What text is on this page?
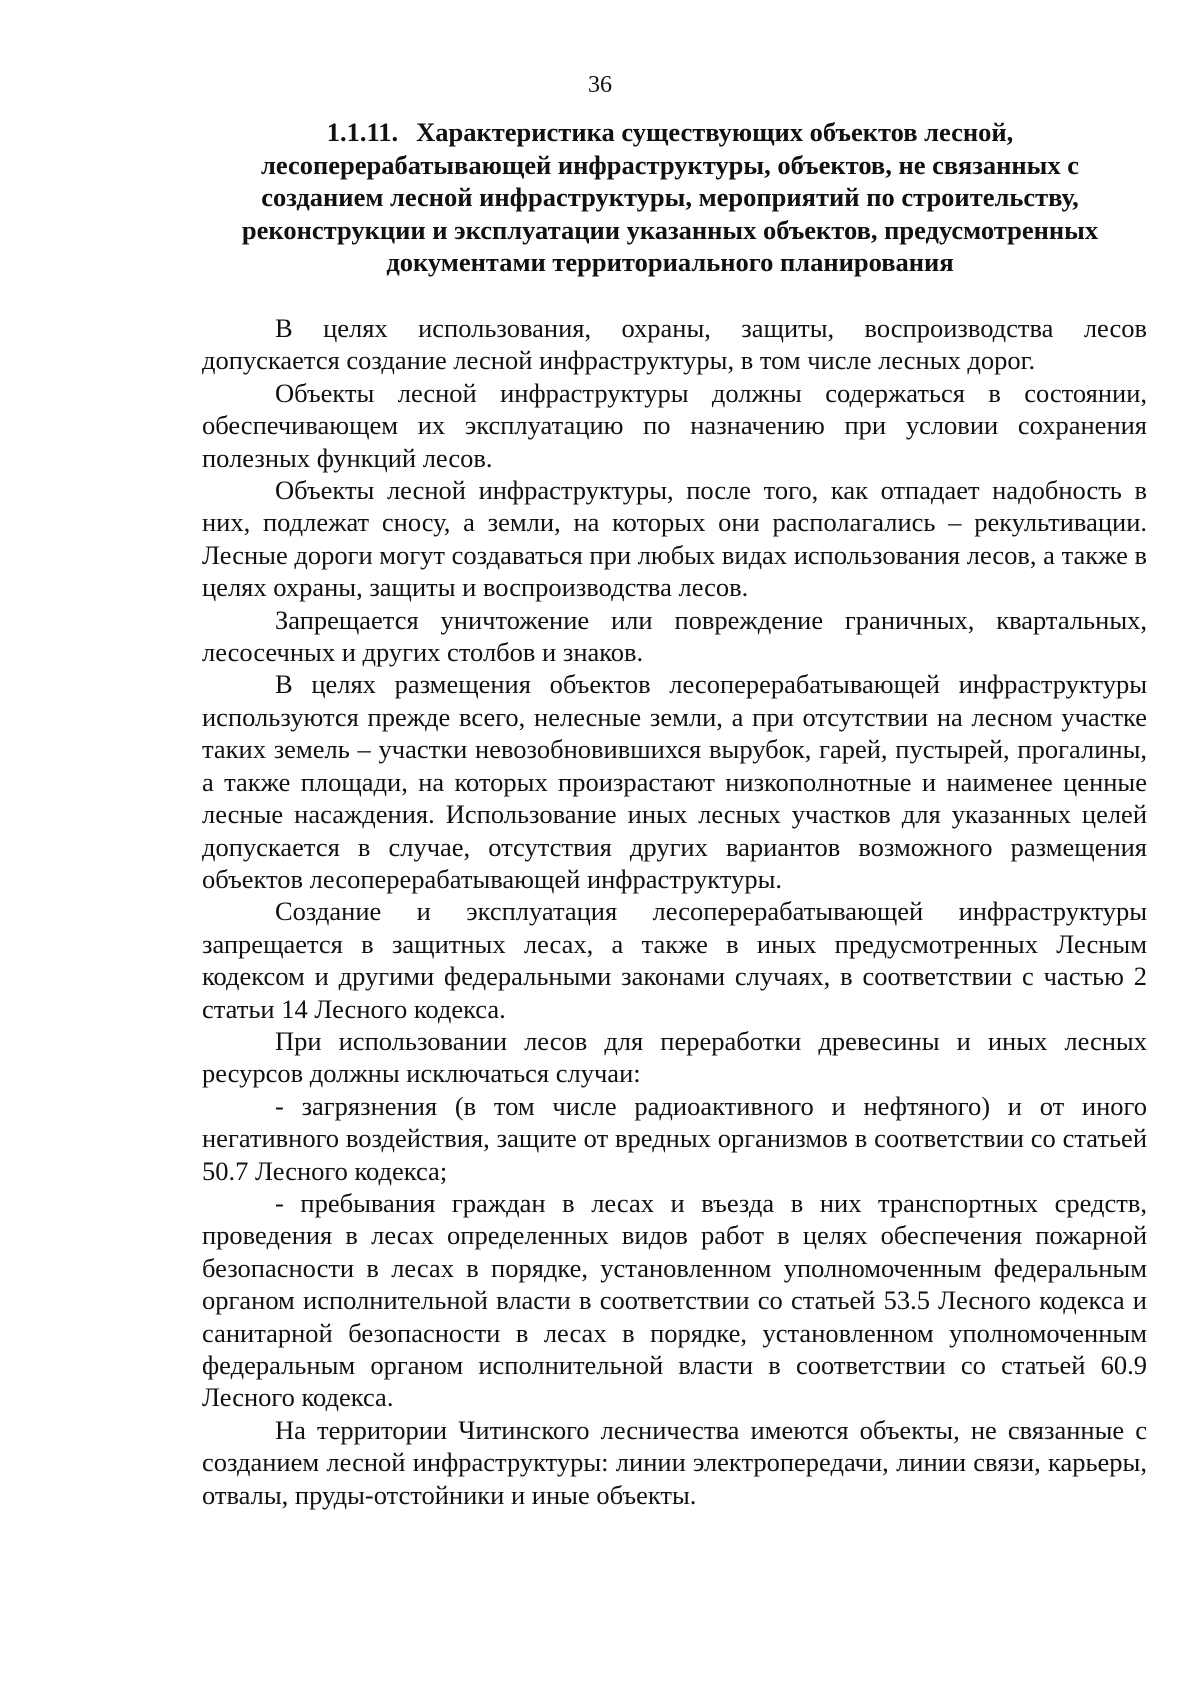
36
1.1.11. Характеристика существующих объектов лесной, лесоперерабатывающей инфраструктуры, объектов, не связанных с созданием лесной инфраструктуры, мероприятий по строительству, реконструкции и эксплуатации указанных объектов, предусмотренных документами территориального планирования

В целях использования, охраны, защиты, воспроизводства лесов допускается создание лесной инфраструктуры, в том числе лесных дорог.

Объекты лесной инфраструктуры должны содержаться в состоянии, обеспечивающем их эксплуатацию по назначению при условии сохранения полезных функций лесов.

Объекты лесной инфраструктуры, после того, как отпадает надобность в них, подлежат сносу, а земли, на которых они располагались – рекультивации. Лесные дороги могут создаваться при любых видах использования лесов, а также в целях охраны, защиты и воспроизводства лесов.

Запрещается уничтожение или повреждение граничных, квартальных, лесосечных и других столбов и знаков.

В целях размещения объектов лесоперерабатывающей инфраструктуры используются прежде всего, нелесные земли, а при отсутствии на лесном участке таких земель – участки невозобновившихся вырубок, гарей, пустырей, прогалины, а также площади, на которых произрастают низкополнотные и наименее ценные лесные насаждения. Использование иных лесных участков для указанных целей допускается в случае, отсутствия других вариантов возможного размещения объектов лесоперерабатывающей инфраструктуры.

Создание и эксплуатация лесоперерабатывающей инфраструктуры запрещается в защитных лесах, а также в иных предусмотренных Лесным кодексом и другими федеральными законами случаях, в соответствии с частью 2 статьи 14 Лесного кодекса.

При использовании лесов для переработки древесины и иных лесных ресурсов должны исключаться случаи:

- загрязнения (в том числе радиоактивного и нефтяного) и от иного негативного воздействия, защите от вредных организмов в соответствии со статьей 50.7 Лесного кодекса;

- пребывания граждан в лесах и въезда в них транспортных средств, проведения в лесах определенных видов работ в целях обеспечения пожарной безопасности в лесах в порядке, установленном уполномоченным федеральным органом исполнительной власти в соответствии со статьей 53.5 Лесного кодекса и санитарной безопасности в лесах в порядке, установленном уполномоченным федеральным органом исполнительной власти в соответствии со статьей 60.9 Лесного кодекса.

На территории Читинского лесничества имеются объекты, не связанные с созданием лесной инфраструктуры: линии электропередачи, линии связи, карьеры, отвалы, пруды-отстойники и иные объекты.
